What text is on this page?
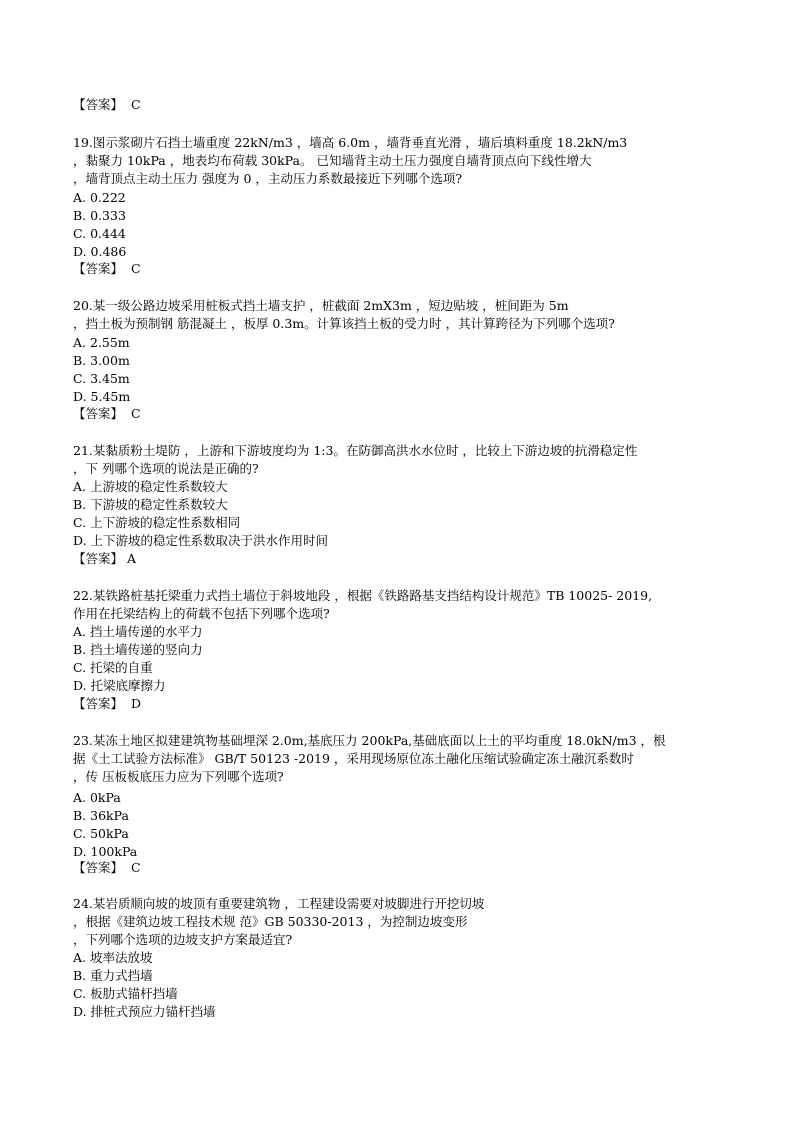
【答案】 C
19.图示浆砌片石挡土墙重度 22kN/m3 ，墙高 6.0m ，墙背垂直光滑 ，墙后填料重度 18.2kN/m3
，黏聚力 10kPa ，地表均布荷载 30kPa。 已知墙背主动土压力强度自墙背顶点向下线性增大
，墙背顶点主动土压力 强度为 0 ，主动压力系数最接近下列哪个选项?
A. 0.222
B. 0.333
C. 0.444
D. 0.486
【答案】 C
20.某一级公路边坡采用桩板式挡土墙支护 ，桩截面 2mX3m ，短边贴坡 ，桩间距为 5m
，挡土板为预制钢 筋混凝土 ，板厚 0.3m。计算该挡土板的受力时 ，其计算跨径为下列哪个选项?
A. 2.55m
B. 3.00m
C. 3.45m
D. 5.45m
【答案】 C
21.某黏质粉土堤防 ，上游和下游坡度均为 1:3。在防御高洪水水位时 ，比较上下游边坡的抗滑稳定性
，下 列哪个选项的说法是正确的?
A. 上游坡的稳定性系数较大
B. 下游坡的稳定性系数较大
C. 上下游坡的稳定性系数相同
D. 上下游坡的稳定性系数取决于洪水作用时间
【答案】 A
22.某铁路桩基托梁重力式挡土墙位于斜坡地段 ，根据《铁路路基支挡结构设计规范》TB 10025- 2019,
作用在托梁结构上的荷载不包括下列哪个选项?
A. 挡土墙传递的水平力
B. 挡土墙传递的竖向力
C. 托梁的自重
D. 托梁底摩擦力
【答案】 D
23.某冻土地区拟建建筑物基础埋深 2.0m,基底压力 200kPa,基础底面以上土的平均重度 18.0kN/m3 ，根
据《土工试验方法标准》 GB/T 50123 -2019 ，采用现场原位冻土融化压缩试验确定冻土融沉系数时
，传 压板板底压力应为下列哪个选项?
A. 0kPa
B. 36kPa
C. 50kPa
D. 100kPa
【答案】 C
24.某岩质顺向坡的坡顶有重要建筑物 ，工程建设需要对坡脚进行开挖切坡
，根据《建筑边坡工程技术规 范》GB 50330-2013 ，为控制边坡变形
，下列哪个选项的边坡支护方案最适宜?
A. 坡率法放坡
B. 重力式挡墙
C. 板肋式锚杆挡墙
D. 排桩式预应力锚杆挡墙
